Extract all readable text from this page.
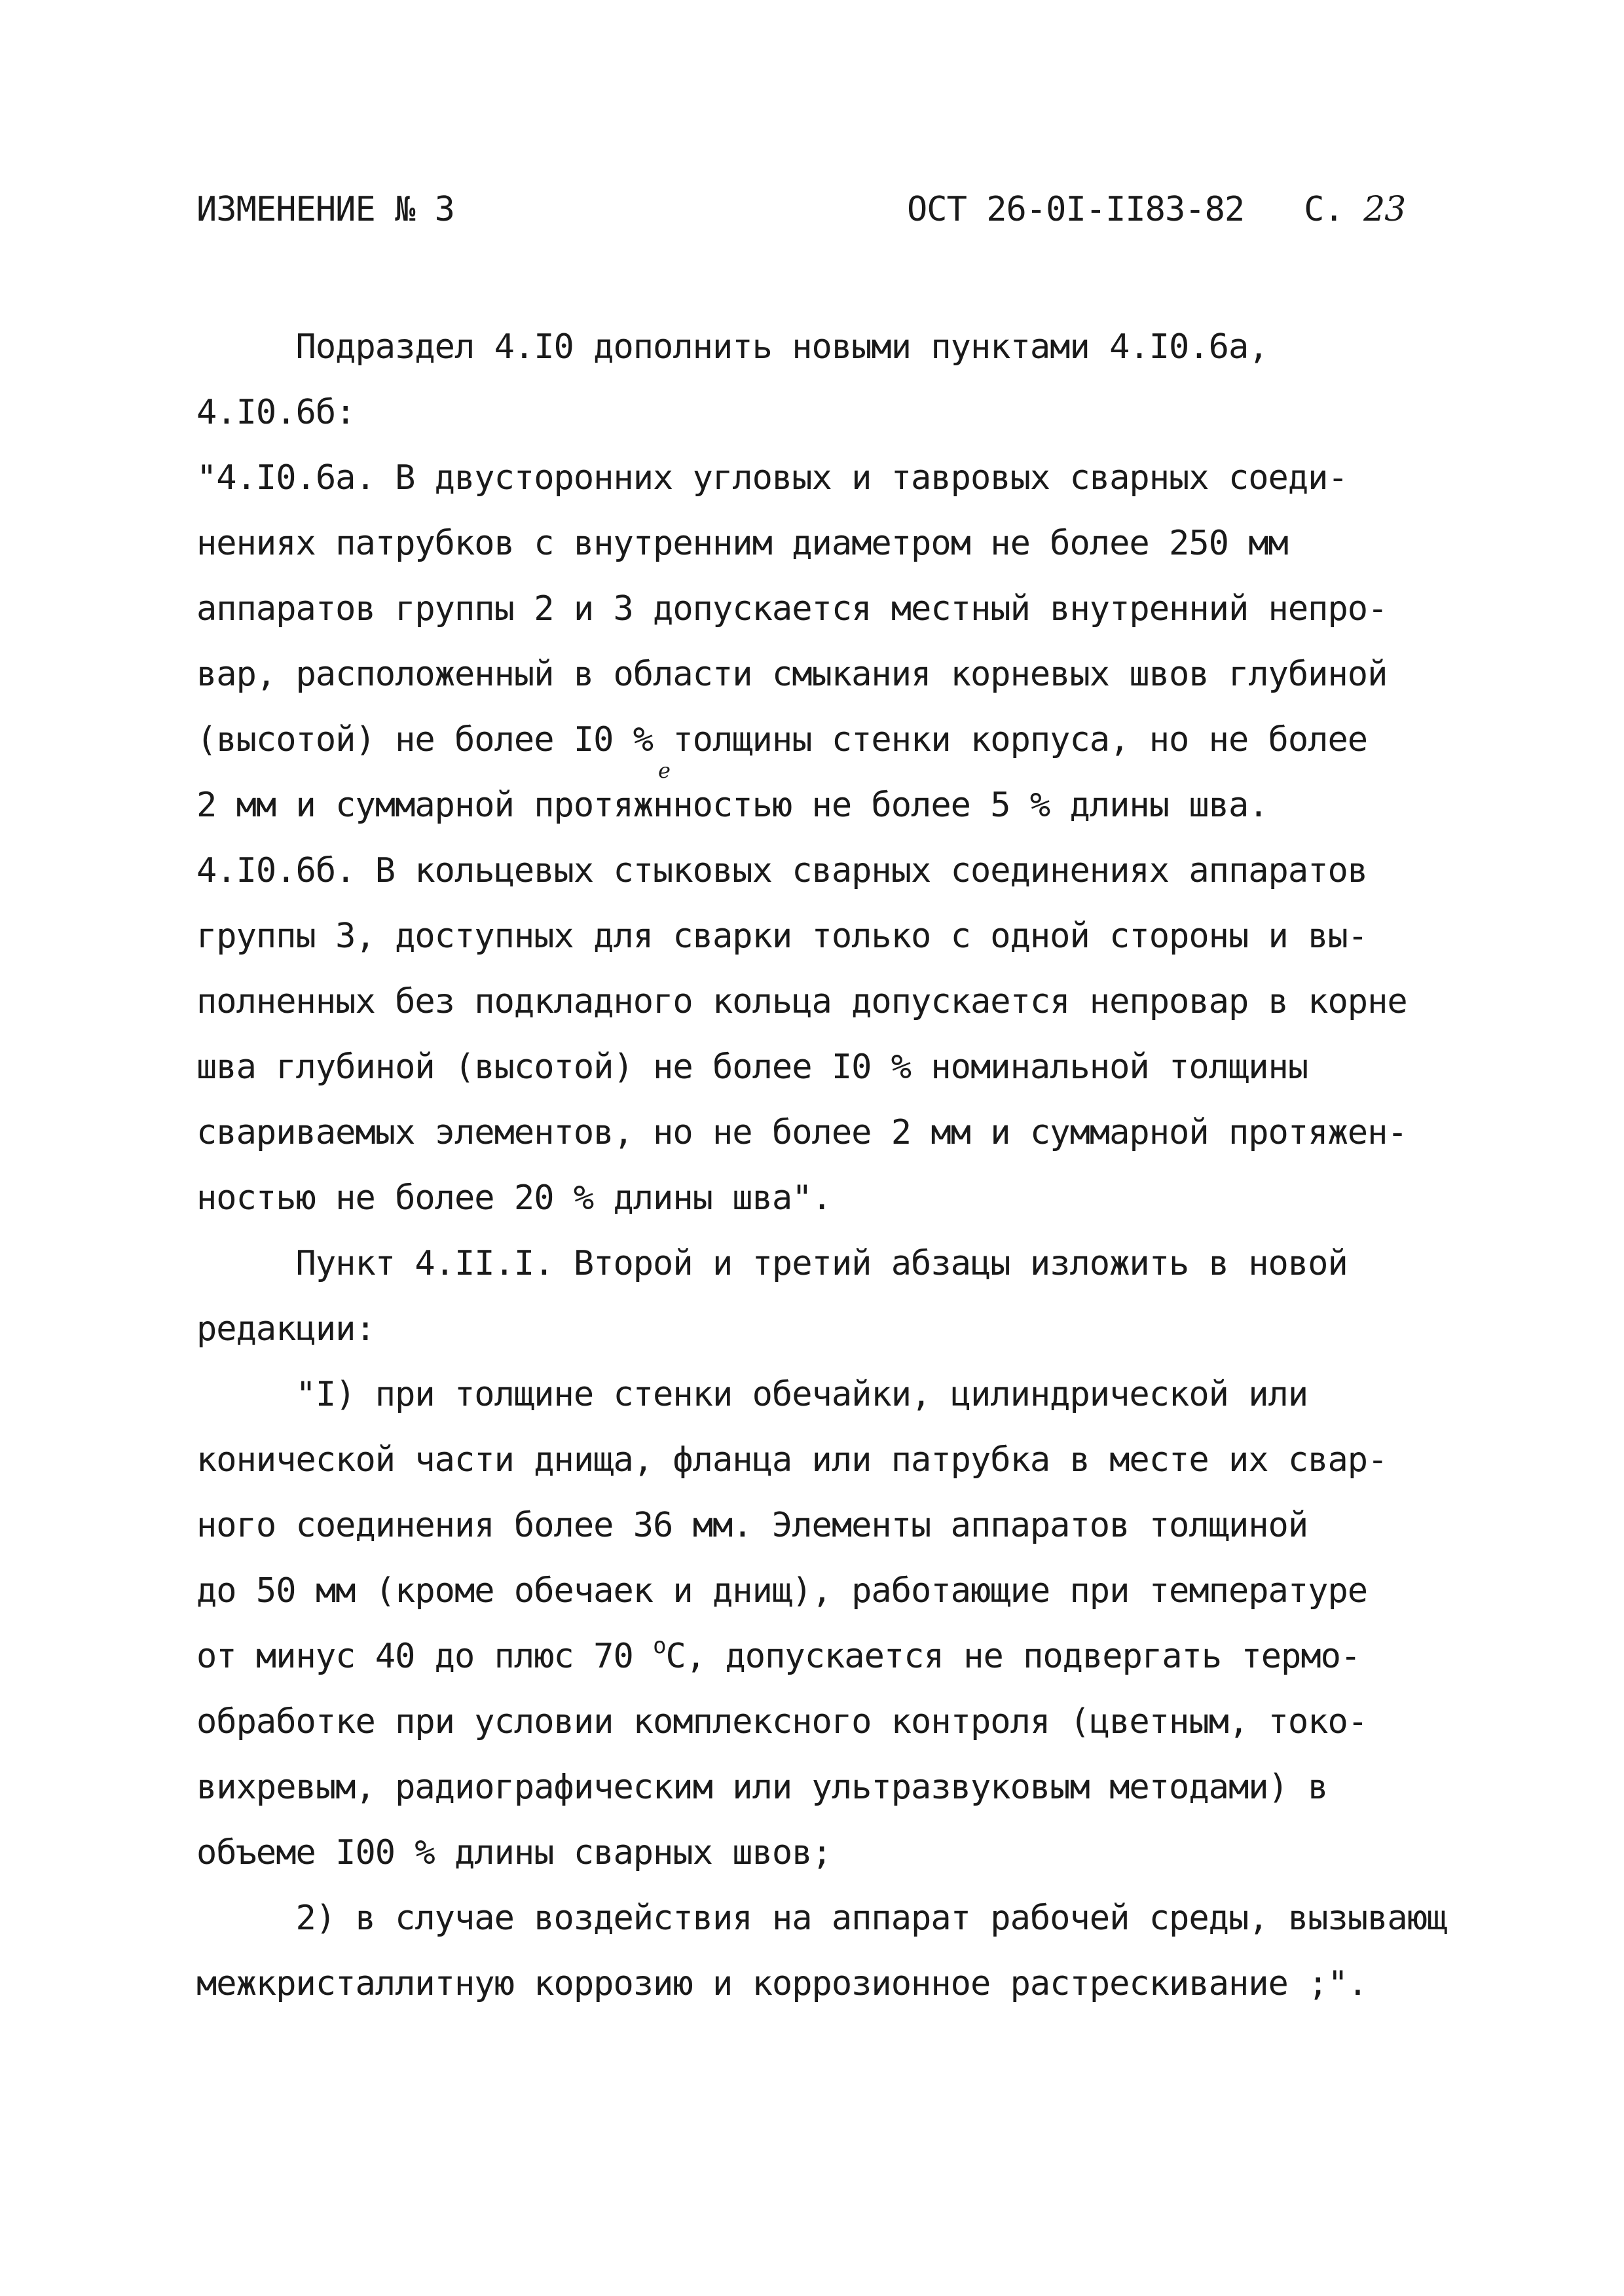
ИЗМЕНЕНИЕ № 3	ОСТ 26-0I-II83-82 С. 23
Подраздел 4.I0 дополнить новыми пунктами 4.I0.6а,
4.I0.6б:
"4.I0.6а. В двусторонних угловых и тавровых сварных соеди-
нениях патрубков с внутренним диаметром не более 250 мм
аппаратов группы 2 и 3 допускается местный внутренний непро-
вар, расположенный в области смыкания корневых швов глубиной
(высотой) не более I0 % толщины стенки корпуса, но не более
е
2 мм и суммарной протяжнностью не более 5 % длины шва.
4.I0.6б. В кольцевых стыковых сварных соединениях аппаратов
группы 3, доступных для сварки только с одной стороны и вы-
полненных без подкладного кольца допускается непровар в корне
шва глубиной (высотой) не более I0 % номинальной толщины
свариваемых элементов, но не более 2 мм и суммарной протяжен-
ностью не более 20 % длины шва".
Пункт 4.II.I. Второй и третий абзацы изложить в новой
редакции:
"I) при толщине стенки обечайки, цилиндрической или
конической части днища, фланца или патрубка в месте их свар-
ного соединения более 36 мм. Элементы аппаратов толщиной
до 50 мм (кроме обечаек и днищ), работающие при температуре
от минус 40 до плюс 70 $^o$С, допускается не подвергать термо-
обработке при условии комплексного контроля (цветным, токо-
вихревым, радиографическим или ультразвуковым методами) в
объеме I00 % длины сварных швов;
2) в случае воздействия на аппарат рабочей среды, вызывающ
межкристаллитную коррозию и коррозионное растрескивание ;".
